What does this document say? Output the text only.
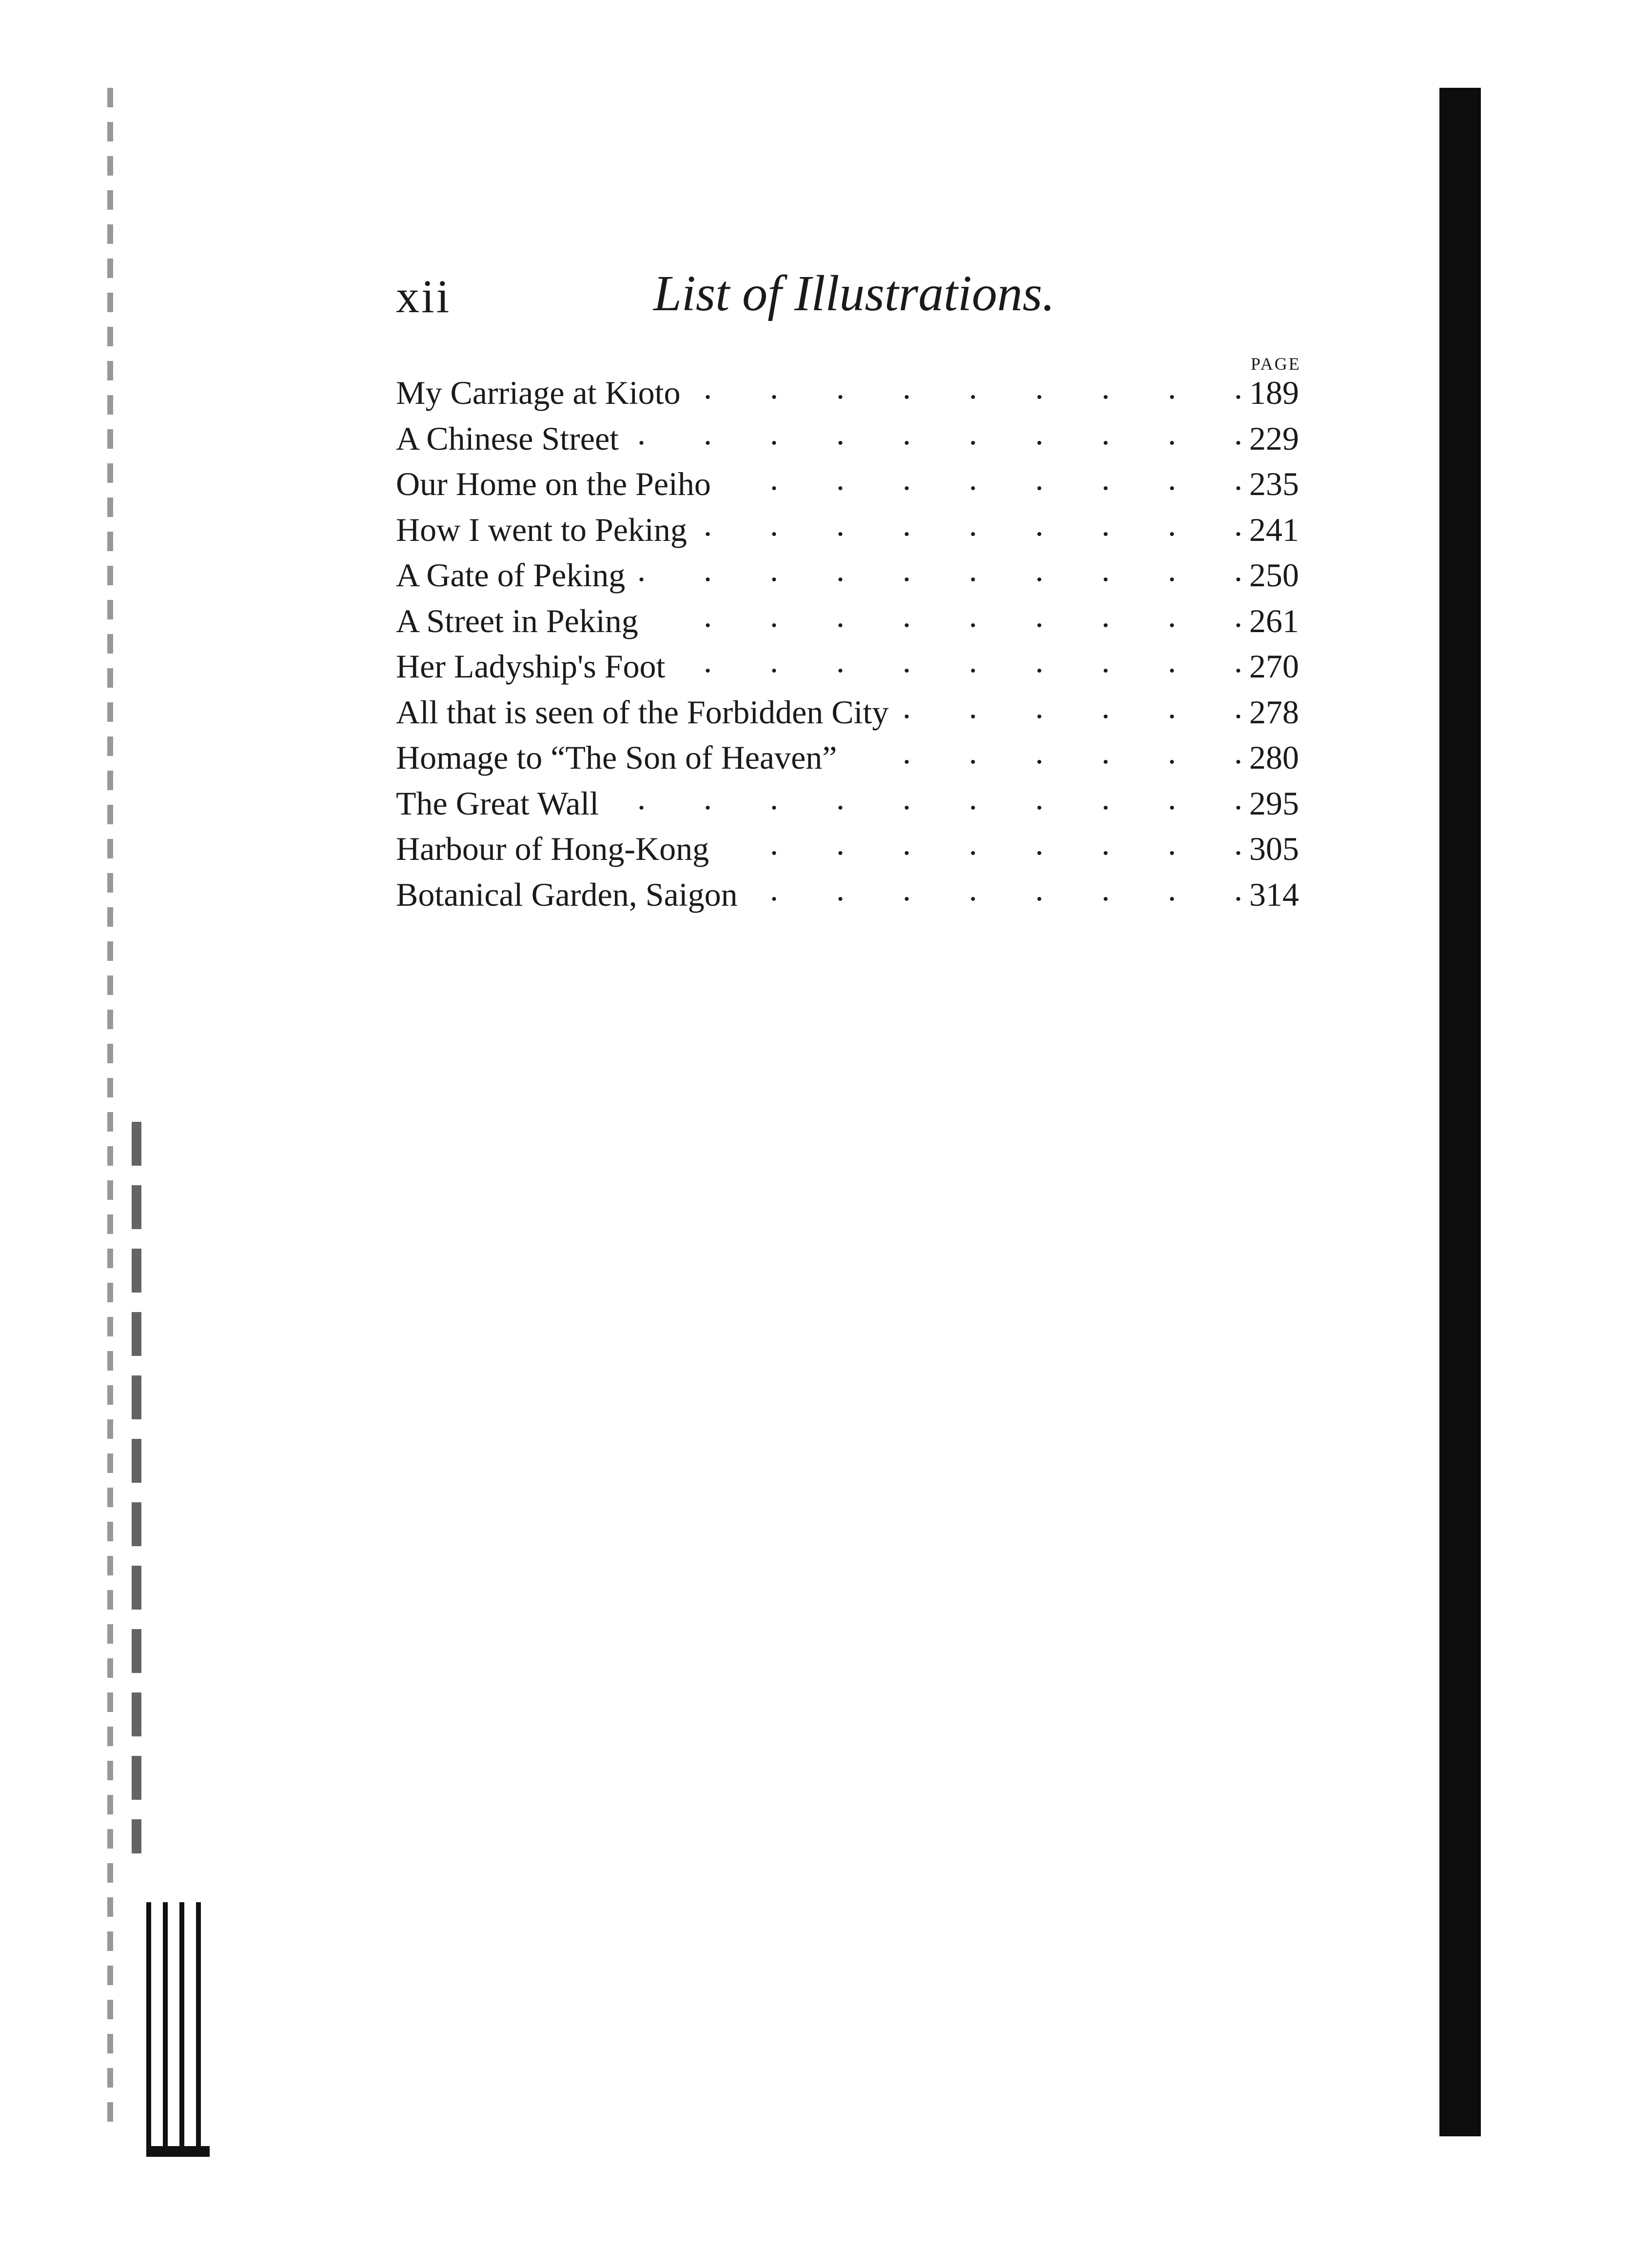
xii	List of Illustrations.
PAGE
My Carriage at Kioto .	189
A Chinese Street .	229
Our Home on the Peiho .	235
How I went to Peking .	241
A Gate of Peking .	250
A Street in Peking .	261
Her Ladyship's Foot .	270
All that is seen of the Forbidden City .	278
Homage to “The Son of Heaven” .	280
The Great Wall .	295
Harbour of Hong-Kong .	305
Botanical Garden, Saigon .	314
